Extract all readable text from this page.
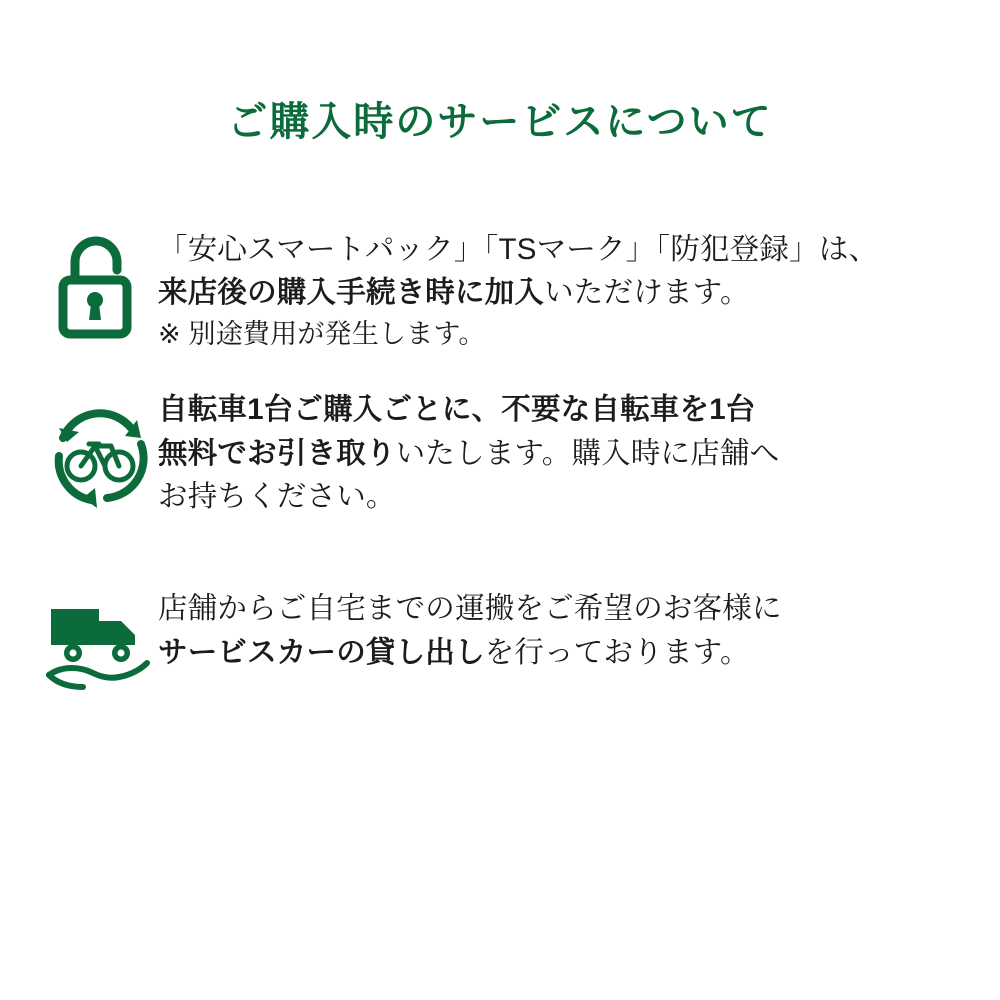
ご購入時のサービスについて

「安心スマートパック」「TSマーク」「防犯登録」は、

来店後の購入手続き時に加入いただけます。

※ 別途費用が発生します。

自転車1台ご購入ごとに、不要な自転車を1台

無料でお引き取りいたします。購入時に店舗へ

お持ちください。

店舗からご自宅までの運搬をご希望のお客様に

サービスカーの貸し出しを行っております。
